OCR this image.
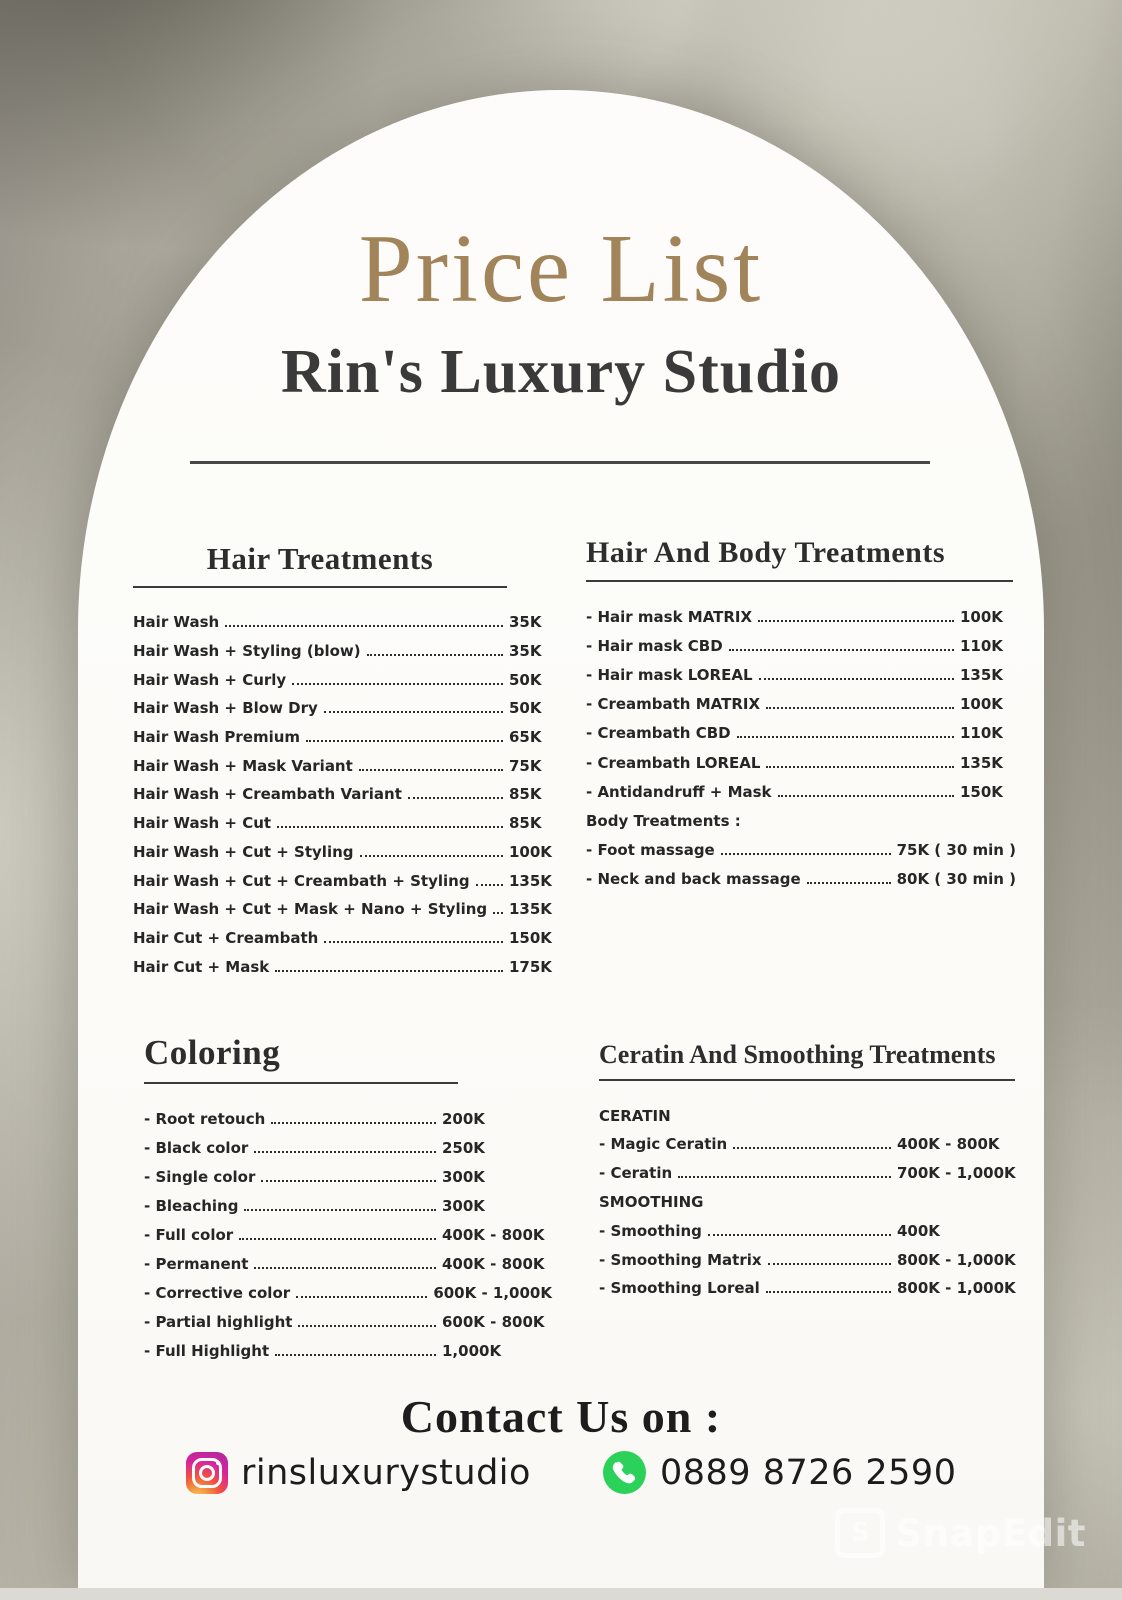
Price List
Rin's Luxury Studio
Hair Treatments
Hair Wash	35K
Hair Wash + Styling (blow)	35K
Hair Wash + Curly	50K
Hair Wash + Blow Dry	50K
Hair Wash Premium	65K
Hair Wash + Mask Variant	75K
Hair Wash + Creambath Variant	85K
Hair Wash + Cut	85K
Hair Wash + Cut + Styling	100K
Hair Wash + Cut + Creambath + Styling	135K
Hair Wash + Cut + Mask + Nano + Styling 135K
Hair Cut + Creambath	150K
Hair Cut + Mask	175K
Hair And Body Treatments
- Hair mask MATRIX	100K
- Hair mask CBD	110K
- Hair mask LOREAL	135K
- Creambath MATRIX	100K
- Creambath CBD	110K
- Creambath LOREAL	135K
- Antidandruff + Mask	150K
Body Treatments :
- Foot massage	75K ( 30 min )
- Neck and back massage	80K ( 30 min )
Coloring
- Root retouch	200K
- Black color	250K
- Single color	300K
- Bleaching	300K
- Full color	400K - 800K
- Permanent	400K - 800K
- Corrective color	600K - 1,000K
- Partial highlight	600K - 800K
- Full Highlight	1,000K
Ceratin And Smoothing Treatments
CERATIN
- Magic Ceratin	400K - 800K
- Ceratin	700K - 1,000K
SMOOTHING
- Smoothing	400K
- Smoothing Matrix	800K - 1,000K
- Smoothing Loreal	800K - 1,000K
Contact Us on :
rinsluxurystudio	0889 8726 2590
S SnapEdit
